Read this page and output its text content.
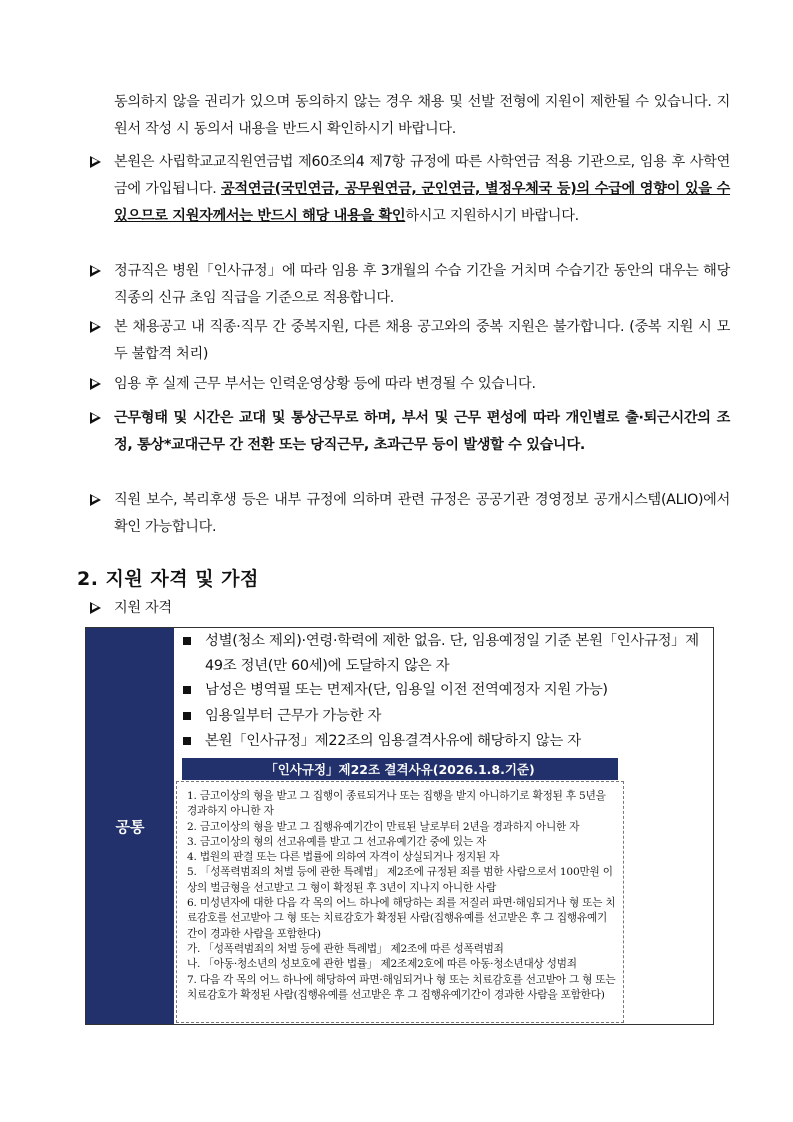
동의하지 않을 권리가 있으며 동의하지 않는 경우 채용 및 선발 전형에 지원이 제한될 수 있습니다. 지원서 작성 시 동의서 내용을 반드시 확인하시기 바랍니다.
본원은 사립학교교직원연금법 제60조의4 제7항 규정에 따른 사학연금 적용 기관으로, 임용 후 사학연금에 가입됩니다. 공적연금(국민연금, 공무원연금, 군인연금, 별정우체국 등)의 수급에 영향이 있을 수 있으므로 지원자께서는 반드시 해당 내용을 확인하시고 지원하시기 바랍니다.
정규직은 병원「인사규정」에 따라 임용 후 3개월의 수습 기간을 거치며 수습기간 동안의 대우는 해당 직종의 신규 초임 직급을 기준으로 적용합니다.
본 채용공고 내 직종·직무 간 중복지원, 다른 채용 공고와의 중복 지원은 불가합니다. (중복 지원 시 모두 불합격 처리)
임용 후 실제 근무 부서는 인력운영상황 등에 따라 변경될 수 있습니다.
근무형태 및 시간은 교대 및 통상근무로 하며, 부서 및 근무 편성에 따라 개인별로 출·퇴근시간의 조정, 통상*교대근무 간 전환 또는 당직근무, 초과근무 등이 발생할 수 있습니다.
직원 보수, 복리후생 등은 내부 규정에 의하며 관련 규정은 공공기관 경영정보 공개시스템(ALIO)에서 확인 가능합니다.
2. 지원 자격 및 가점
지원 자격
공통
성별(청소 제외)·연령·학력에 제한 없음. 단, 임용예정일 기준 본원「인사규정」제49조 정년(만 60세)에 도달하지 않은 자
남성은 병역필 또는 면제자(단, 임용일 이전 전역예정자 지원 가능)
임용일부터 근무가 가능한 자
본원「인사규정」제22조의 임용결격사유에 해당하지 않는 자
「인사규정」제22조 결격사유(2026.1.8.기준)
1. 금고이상의 형을 받고 그 집행이 종료되거나 또는 집행을 받지 아니하기로 확정된 후 5년을 경과하지 아니한 자
2. 금고이상의 형을 받고 그 집행유예기간이 만료된 날로부터 2년을 경과하지 아니한 자
3. 금고이상의 형의 선고유예를 받고 그 선고유예기간 중에 있는 자
4. 법원의 판결 또는 다른 법률에 의하여 자격이 상실되거나 정지된 자
5. 「성폭력범죄의 처벌 등에 관한 특례법」 제2조에 규정된 죄를 범한 사람으로서 100만원 이상의 벌금형을 선고받고 그 형이 확정된 후 3년이 지나지 아니한 사람
6. 미성년자에 대한 다음 각 목의 어느 하나에 해당하는 죄를 저질러 파면·해임되거나 형 또는 치료감호를 선고받아 그 형 또는 치료감호가 확정된 사람(집행유예를 선고받은 후 그 집행유예기간이 경과한 사람을 포함한다)
가. 「성폭력범죄의 처벌 등에 관한 특례법」 제2조에 따른 성폭력범죄
나. 「아동·청소년의 성보호에 관한 법률」 제2조제2호에 따른 아동·청소년대상 성범죄
7. 다음 각 목의 어느 하나에 해당하여 파면·해임되거나 형 또는 치료감호를 선고받아 그 형 또는 치료감호가 확정된 사람(집행유예를 선고받은 후 그 집행유예기간이 경과한 사람을 포함한다)
